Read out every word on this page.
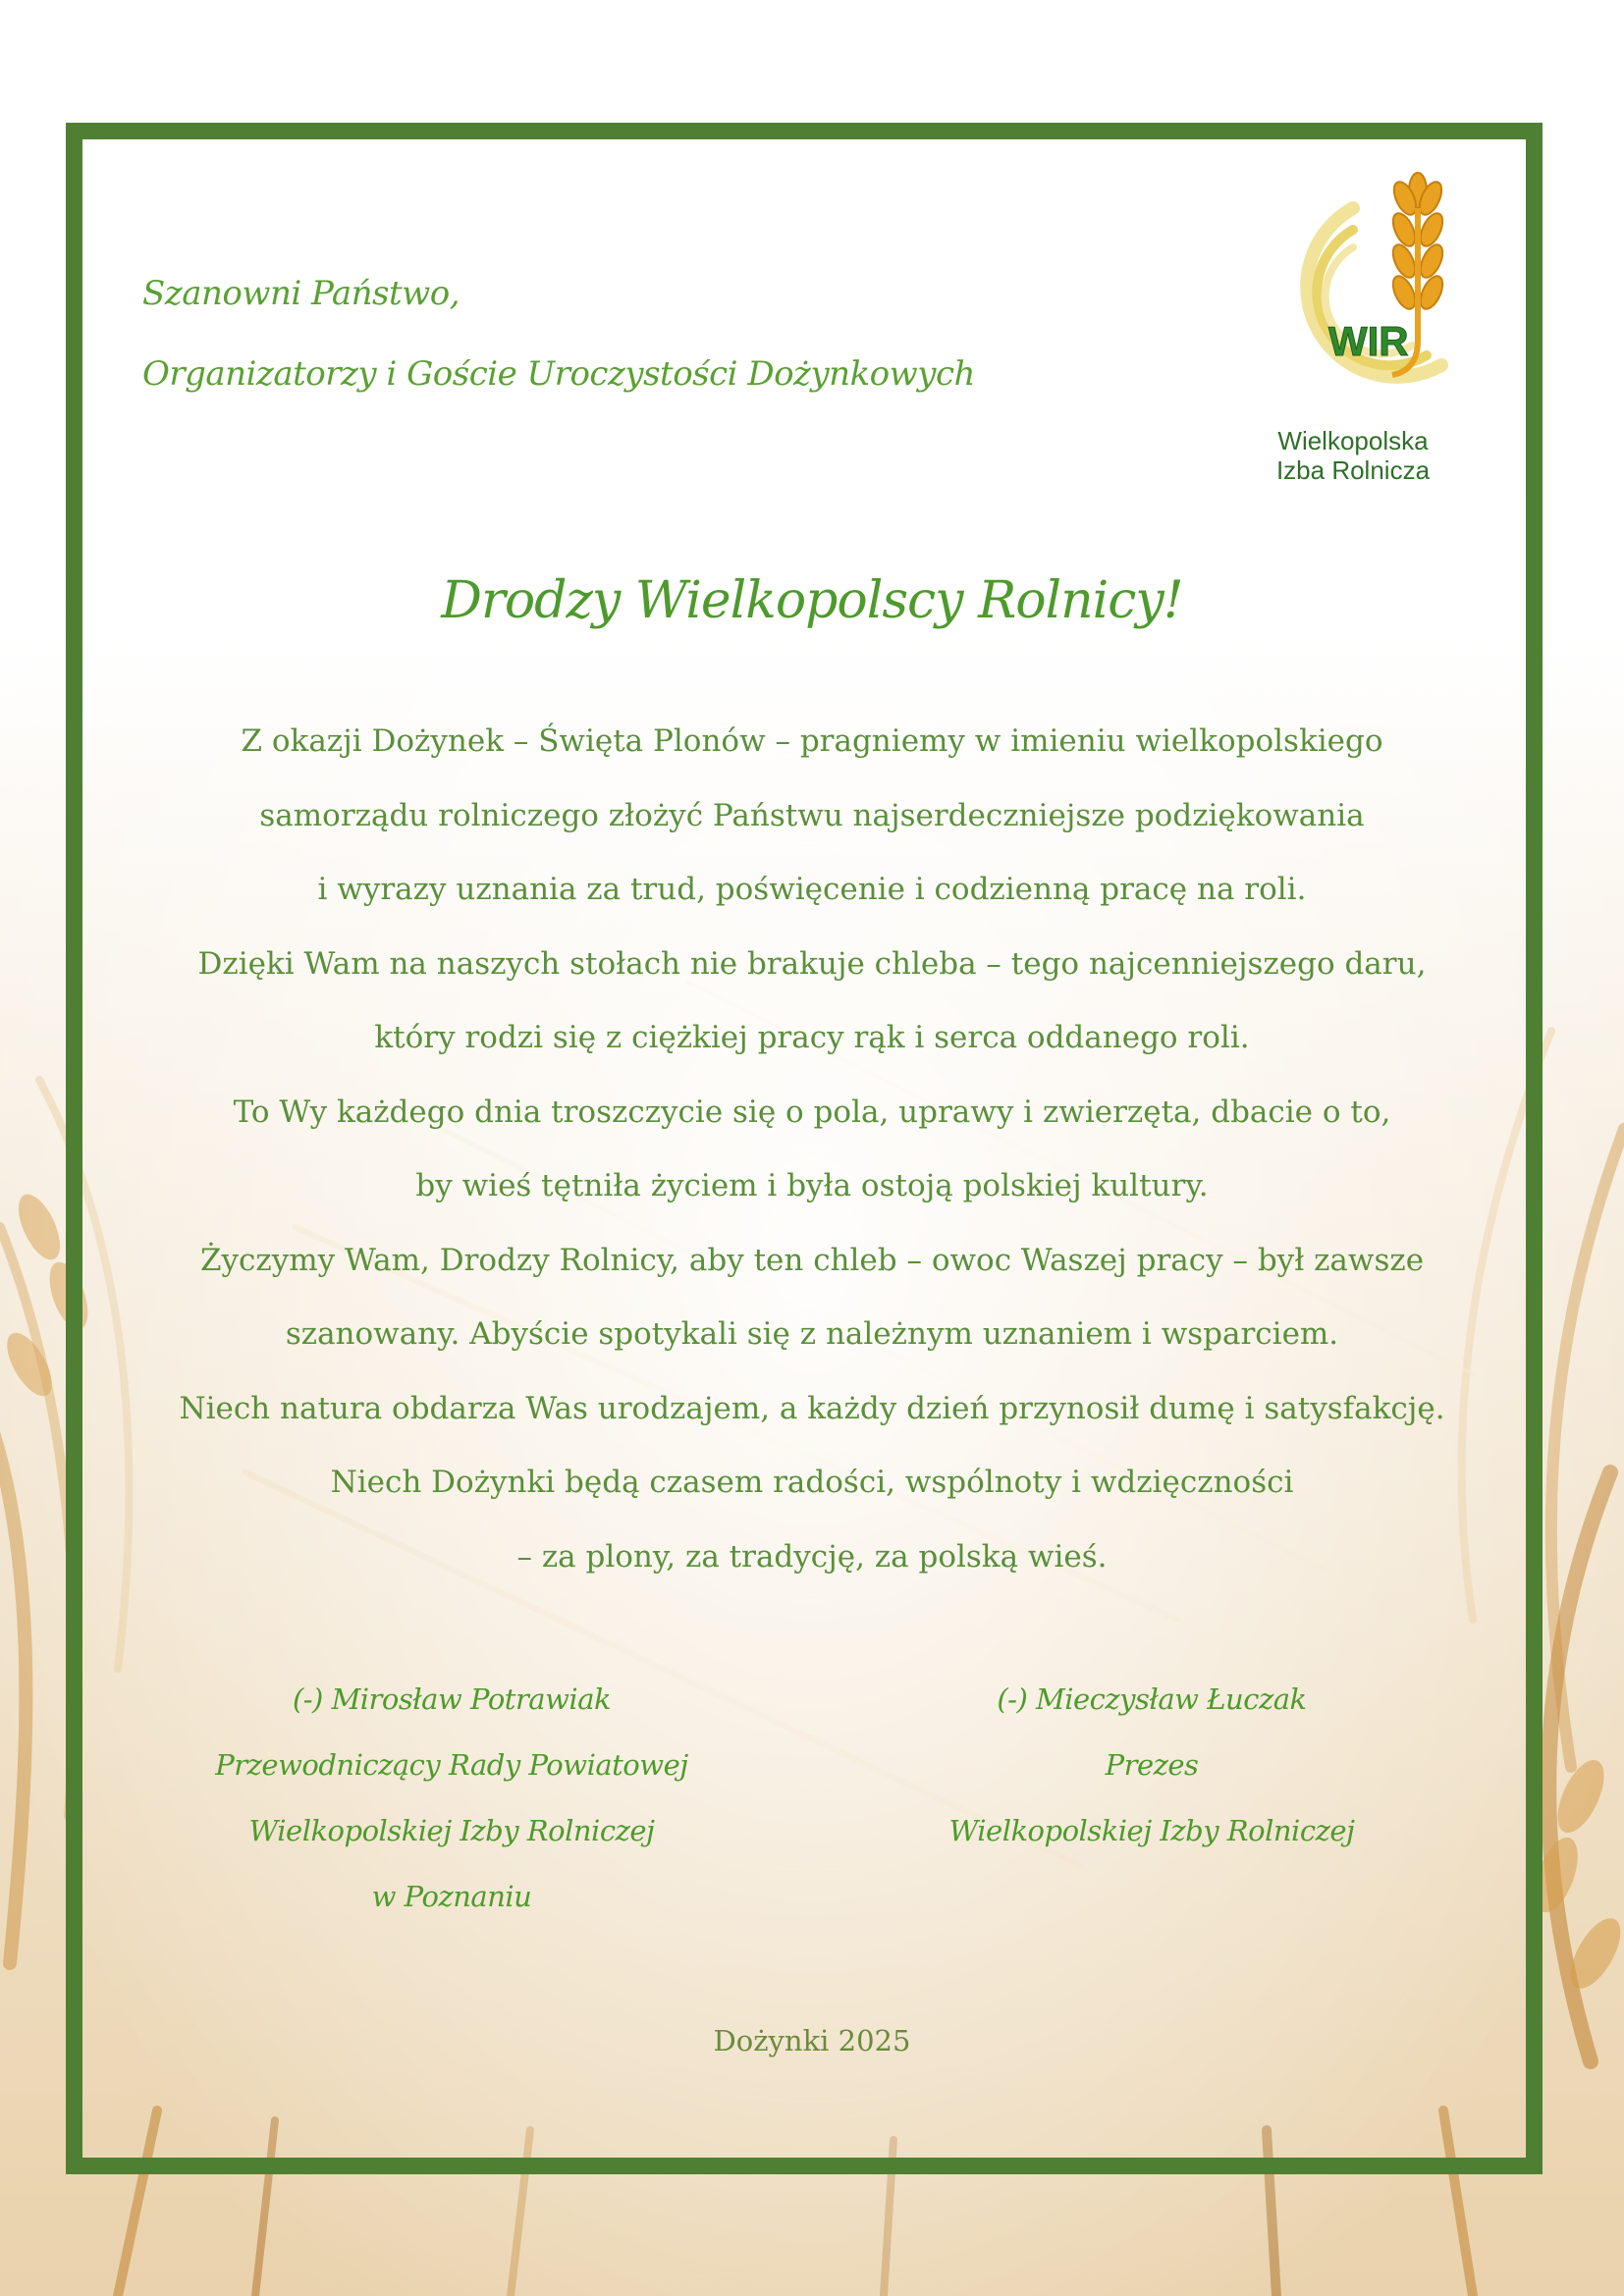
Szanowni Państwo,
Organizatorzy i Goście Uroczystości Dożynkowych
WIR
Wielkopolska
Izba Rolnicza
Drodzy Wielkopolscy Rolnicy!
Z okazji Dożynek – Święta Plonów – pragniemy w imieniu wielkopolskiego
samorządu rolniczego złożyć Państwu najserdeczniejsze podziękowania
i wyrazy uznania za trud, poświęcenie i codzienną pracę na roli.
Dzięki Wam na naszych stołach nie brakuje chleba – tego najcenniejszego daru,
który rodzi się z ciężkiej pracy rąk i serca oddanego roli.
To Wy każdego dnia troszczycie się o pola, uprawy i zwierzęta, dbacie o to,
by wieś tętniła życiem i była ostoją polskiej kultury.
Życzymy Wam, Drodzy Rolnicy, aby ten chleb – owoc Waszej pracy – był zawsze
szanowany. Abyście spotykali się z należnym uznaniem i wsparciem.
Niech natura obdarza Was urodzajem, a każdy dzień przynosił dumę i satysfakcję.
Niech Dożynki będą czasem radości, wspólnoty i wdzięczności
– za plony, za tradycję, za polską wieś.
(-) Mirosław Potrawiak
Przewodniczący Rady Powiatowej
Wielkopolskiej Izby Rolniczej
w Poznaniu
(-) Mieczysław Łuczak
Prezes
Wielkopolskiej Izby Rolniczej
Dożynki 2025
